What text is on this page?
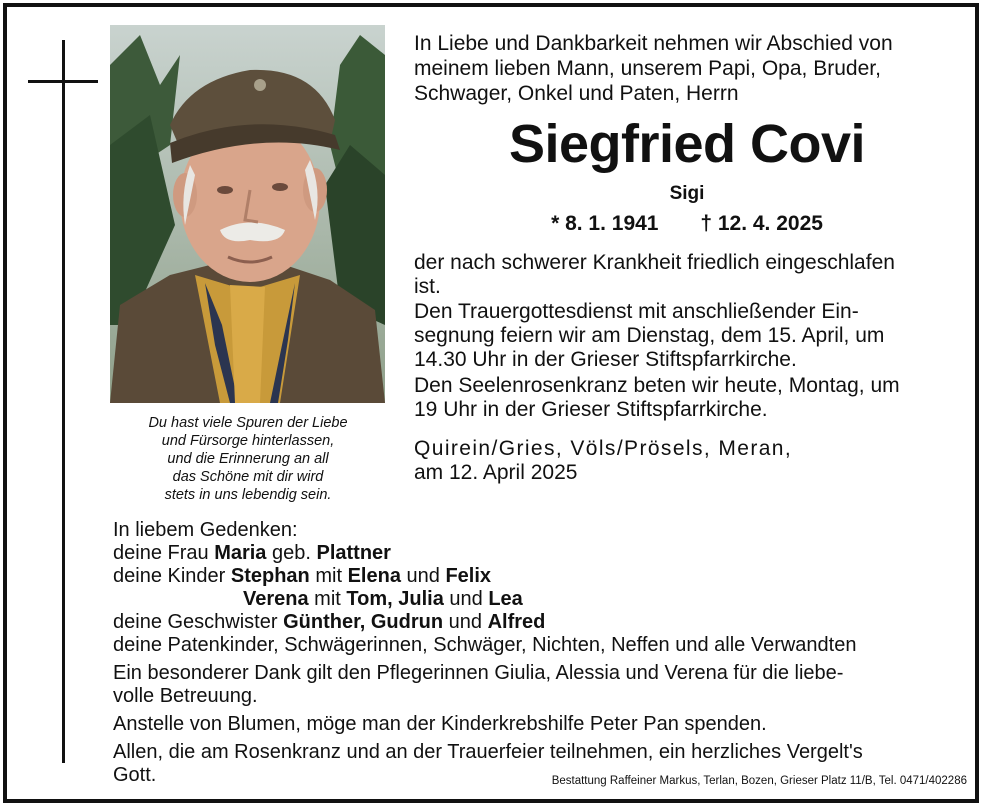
Du hast viele Spuren der Liebe
und Fürsorge hinterlassen,
und die Erinnerung an all
das Schöne mit dir wird
stets in uns lebendig sein.
In Liebe und Dankbarkeit nehmen wir Abschied von
meinem lieben Mann, unserem Papi, Opa, Bruder,
Schwager, Onkel und Paten, Herrn
Siegfried Covi
Sigi
* 8. 1. 1941 † 12. 4. 2025
der nach schwerer Krankheit friedlich eingeschlafen
ist.
Den Trauergottesdienst mit anschließender Ein-
segnung feiern wir am Dienstag, dem 15. April, um
14.30 Uhr in der Grieser Stiftspfarrkirche.
Den Seelenrosenkranz beten wir heute, Montag, um
19 Uhr in der Grieser Stiftspfarrkirche.
Quirein/Gries, Völs/Prösels, Meran,
am 12. April 2025
In liebem Gedenken:
deine Frau Maria geb. Plattner
deine Kinder Stephan mit Elena und Felix
Verena mit Tom, Julia und Lea
deine Geschwister Günther, Gudrun und Alfred
deine Patenkinder, Schwägerinnen, Schwäger, Nichten, Neffen und alle Verwandten
Ein besonderer Dank gilt den Pflegerinnen Giulia, Alessia und Verena für die liebe-
volle Betreuung.
Anstelle von Blumen, möge man der Kinderkrebshilfe Peter Pan spenden.
Allen, die am Rosenkranz und an der Trauerfeier teilnehmen, ein herzliches Vergelt's
Gott.	Bestattung Raffeiner Markus, Terlan, Bozen, Grieser Platz 11/B, Tel. 0471/402286
